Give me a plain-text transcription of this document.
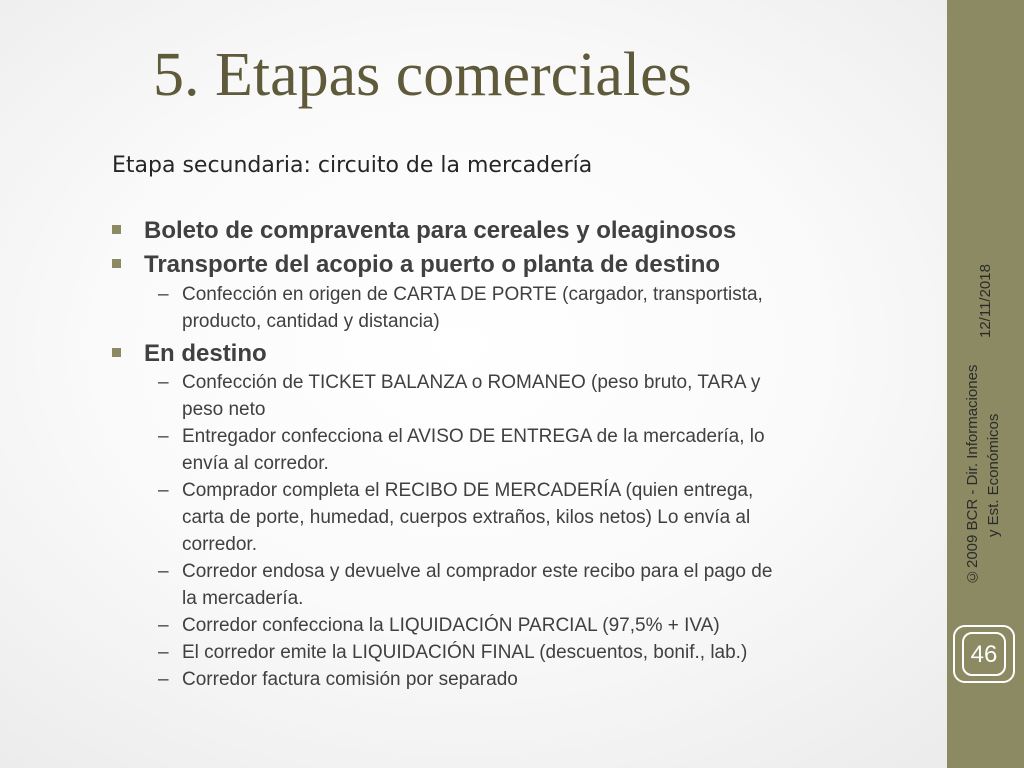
5. Etapas comerciales
Etapa secundaria: circuito de la mercadería
Boleto de compraventa para cereales y oleaginosos
Transporte del acopio a puerto o planta de destino
– Confección en origen de CARTA DE PORTE (cargador, transportista,
producto, cantidad y distancia)
En destino
– Confección de TICKET BALANZA o ROMANEO (peso bruto, TARA y
peso neto
– Entregador confecciona el AVISO DE ENTREGA de la mercadería, lo
envía al corredor.
– Comprador completa el RECIBO DE MERCADERÍA (quien entrega,
carta de porte, humedad, cuerpos extraños, kilos netos) Lo envía al
corredor.
– Corredor endosa y devuelve al comprador este recibo para el pago de
la mercadería.
– Corredor confecciona la LIQUIDACIÓN PARCIAL (97,5% + IVA)
– El corredor emite la LIQUIDACIÓN FINAL (descuentos, bonif., lab.)
– Corredor factura comisión por separado
12/11/2018
©2009 BCR - Dir. Informaciones y Est. Económicos
46
